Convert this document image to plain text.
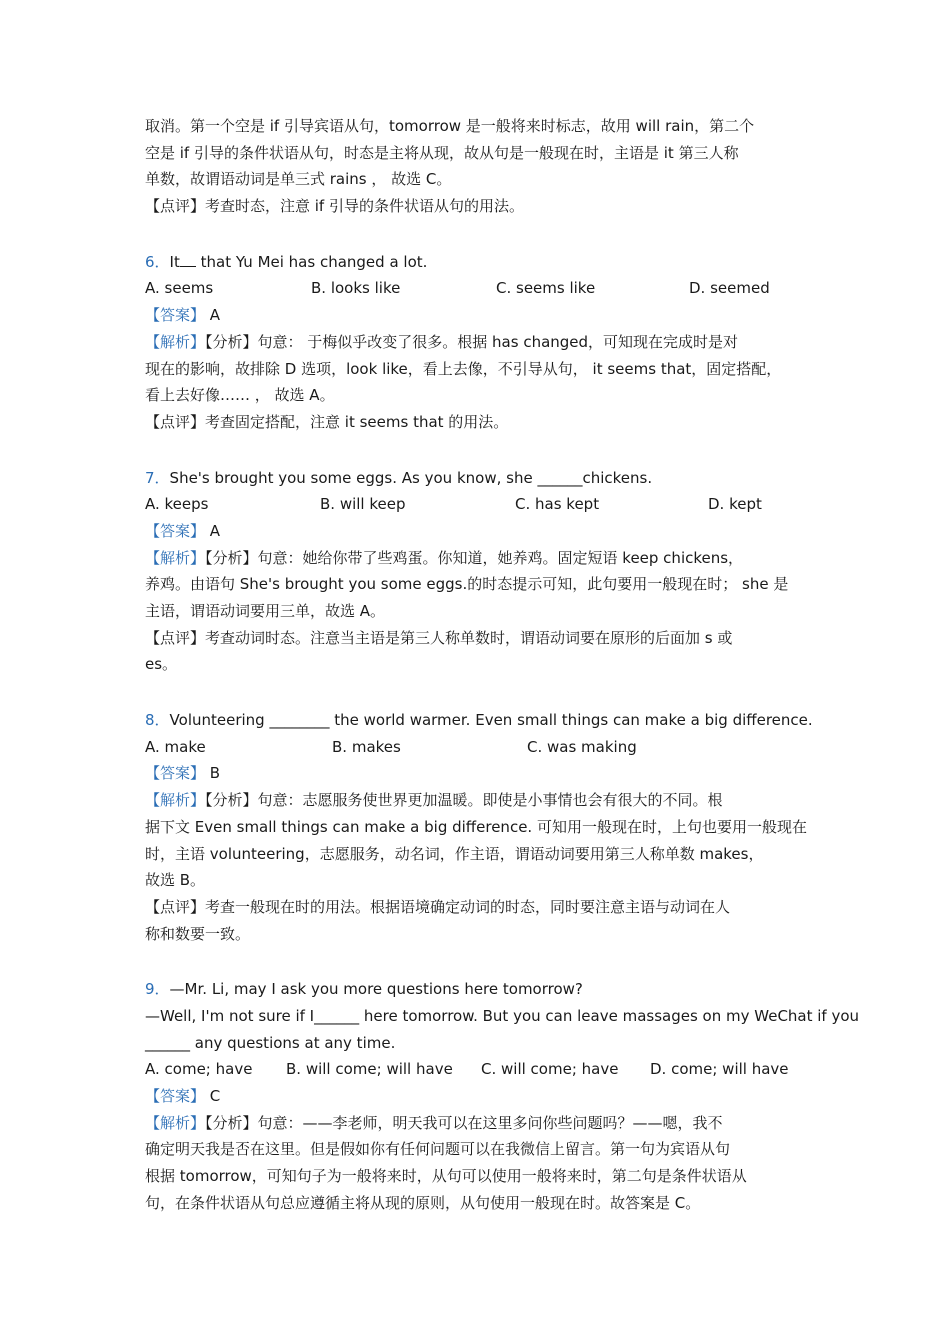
取消。第一个空是 if 引导宾语从句，tomorrow 是一般将来时标志，故用 will rain，第二个
空是 if 引导的条件状语从句，时态是主将从现，故从句是一般现在时，主语是 it 第三人称
单数，故谓语动词是单三式 rains ， 故选 C。
【点评】考查时态，注意 if 引导的条件状语从句的用法。
6．It that Yu Mei has changed a lot.
A. seems	B. looks like	C. seems like	D. seemed
【答案】 A
【解析】【分析】句意： 于梅似乎改变了很多。根据 has changed，可知现在完成时是对
现在的影响，故排除 D 选项，look like，看上去像，不引导从句， it seems that，固定搭配，
看上去好像…… ， 故选 A。
【点评】考查固定搭配，注意 it seems that 的用法。
7．She's brought you some eggs. As you know, she ______chickens.
A. keeps	B. will keep	C. has kept	D. kept
【答案】 A
【解析】【分析】句意：她给你带了些鸡蛋。你知道，她养鸡。固定短语 keep chickens，
养鸡。由语句 She's brought you some eggs.的时态提示可知，此句要用一般现在时； she 是
主语，谓语动词要用三单，故选 A。
【点评】考查动词时态。注意当主语是第三人称单数时，谓语动词要在原形的后面加 s 或
es。
8．Volunteering ________ the world warmer. Even small things can make a big difference.
A. make	B. makes	C. was making
【答案】 B
【解析】【分析】句意：志愿服务使世界更加温暖。即使是小事情也会有很大的不同。根
据下文 Even small things can make a big difference. 可知用一般现在时，上句也要用一般现在
时，主语 volunteering，志愿服务，动名词，作主语，谓语动词要用第三人称单数 makes，
故选 B。
【点评】考查一般现在时的用法。根据语境确定动词的时态，同时要注意主语与动词在人
称和数要一致。
9．—Mr. Li, may I ask you more questions here tomorrow?
—Well, I'm not sure if I______ here tomorrow. But you can leave massages on my WeChat if you
______ any questions at any time.
A. come; have B. will come; will have C. will come; have D. come; will have
【答案】 C
【解析】【分析】句意：——李老师，明天我可以在这里多问你些问题吗？——嗯，我不
确定明天我是否在这里。但是假如你有任何问题可以在我微信上留言。第一句为宾语从句
根据 tomorrow，可知句子为一般将来时，从句可以使用一般将来时，第二句是条件状语从
句，在条件状语从句总应遵循主将从现的原则，从句使用一般现在时。故答案是 C。
